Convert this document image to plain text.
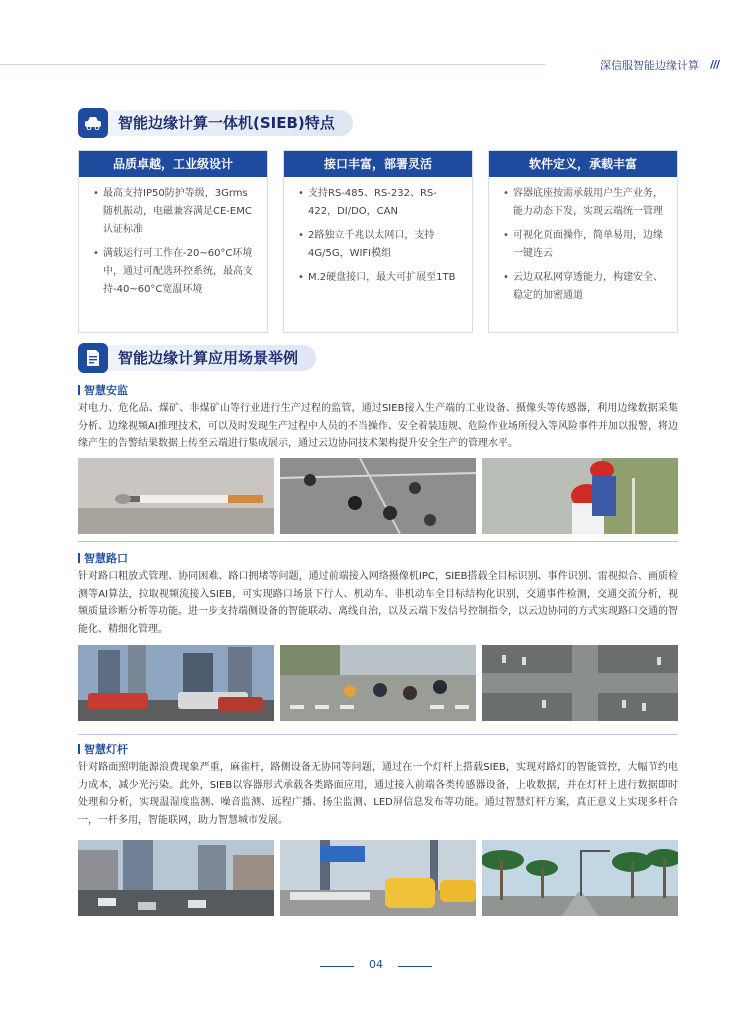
深信服智能边缘计算 ///
智能边缘计算一体机(SIEB)特点
品质卓越，工业级设计
• 最高支持IP50防护等级，3Grms随机振动，电磁兼容满足CE-EMC认证标准
• 满载运行可工作在-20~60°C环境中，通过可配选环控系统，最高支持-40~60°C宽温环境
接口丰富，部署灵活
• 支持RS-485、RS-232、RS-422，DI/DO，CAN
• 2路独立千兆以太网口，支持4G/5G，WIFI模组
• M.2硬盘接口，最大可扩展至1TB
软件定义，承载丰富
• 容器底座按需承载用户生产业务，能力动态下发，实现云端统一管理
• 可视化页面操作，简单易用，边缘一键连云
• 云边双私网穿透能力，构建安全、稳定的加密通道
智能边缘计算应用场景举例
智慧安监
对电力、危化品、煤矿、非煤矿山等行业进行生产过程的监管，通过SIEB接入生产端的工业设备、摄像头等传感器，利用边缘数据采集分析、边缘视频AI推理技术，可以及时发现生产过程中人员的不当操作、安全着装违规、危险作业场所侵入等风险事件并加以报警，将边缘产生的告警结果数据上传至云端进行集成展示，通过云边协同技术架构提升安全生产的管理水平。
智慧路口
针对路口粗放式管理、协同困难、路口拥堵等问题，通过前端接入网络摄像机IPC，SIEB搭载全目标识别、事件识别、雷视拟合、画质检测等AI算法，拉取视频流接入SIEB，可实现路口场景下行人、机动车、非机动车全目标结构化识别，交通事件检测，交通交流分析，视频质量诊断分析等功能。进一步支持端侧设备的智能联动、离线自治，以及云端下发信号控制指令，以云边协同的方式实现路口交通的智能化、精细化管理。
智慧灯杆
针对路面照明能源浪费现象严重，麻雀杆，路侧设备无协同等问题，通过在一个灯杆上搭载SIEB，实现对路灯的智能管控，大幅节约电力成本，减少光污染。此外，SIEB以容器形式承载各类路面应用，通过接入前端各类传感器设备，上收数据，并在灯杆上进行数据即时处理和分析，实现温湿度监测、噪音监测、远程广播、扬尘监测、LED屏信息发布等功能。通过智慧灯杆方案，真正意义上实现多杆合一，一杆多用，智能联网，助力智慧城市发展。
04
